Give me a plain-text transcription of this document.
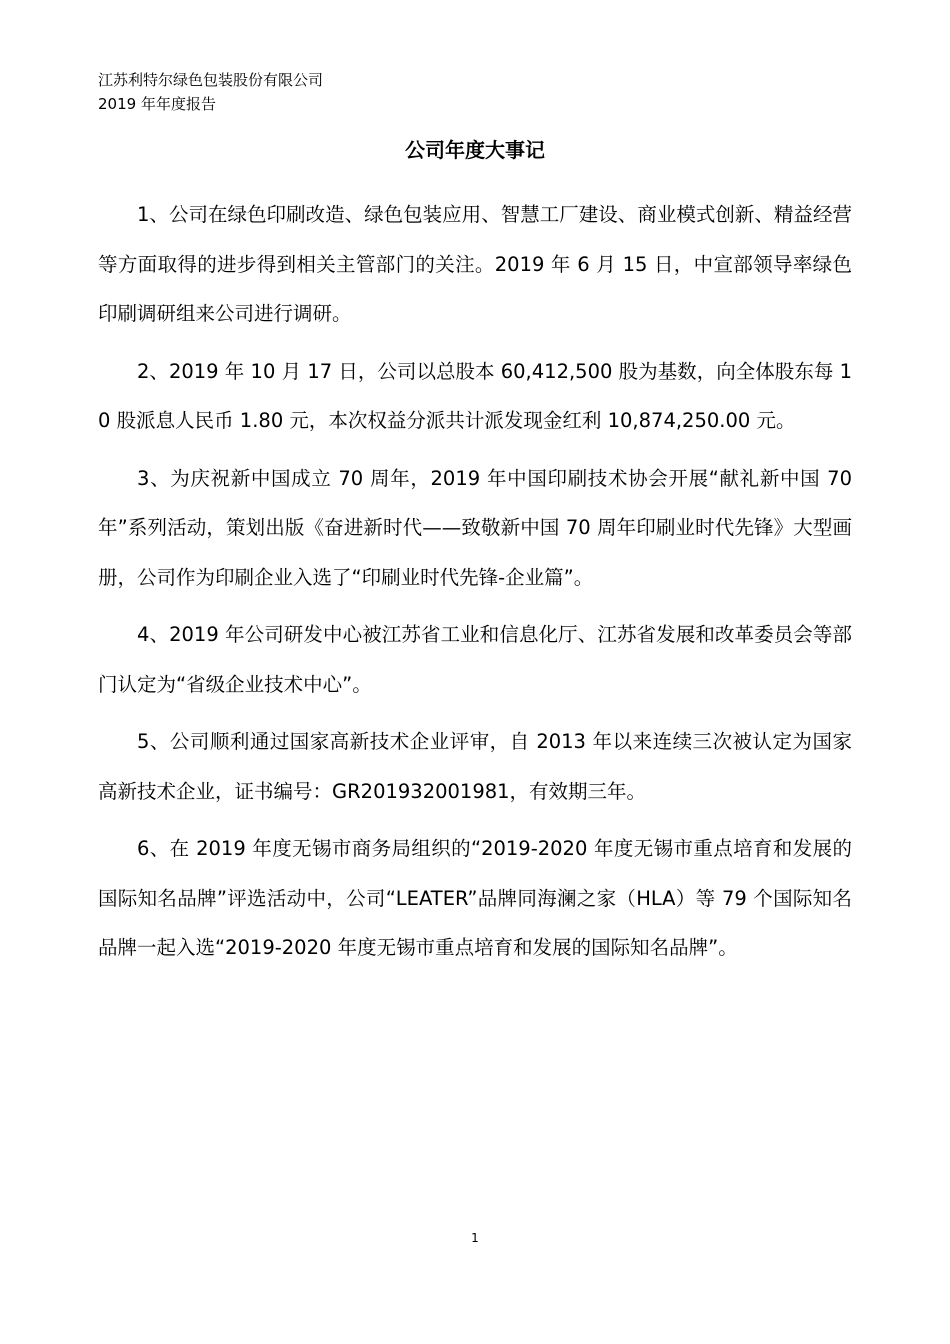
江苏利特尔绿色包装股份有限公司
2019 年年度报告
公司年度大事记

1、公司在绿色印刷改造、绿色包装应用、智慧工厂建设、商业模式创新、精益经营等方面取得的进步得到相关主管部门的关注。2019 年 6 月 15 日，中宣部领导率绿色印刷调研组来公司进行调研。

2、2019 年 10 月 17 日，公司以总股本 60,412,500 股为基数，向全体股东每 10 股派息人民币 1.80 元，本次权益分派共计派发现金红利 10,874,250.00 元。

3、为庆祝新中国成立 70 周年，2019 年中国印刷技术协会开展“献礼新中国 70 年”系列活动，策划出版《奋进新时代——致敬新中国 70 周年印刷业时代先锋》大型画册，公司作为印刷企业入选了“印刷业时代先锋-企业篇”。

4、2019 年公司研发中心被江苏省工业和信息化厅、江苏省发展和改革委员会等部门认定为“省级企业技术中心”。

5、公司顺利通过国家高新技术企业评审，自 2013 年以来连续三次被认定为国家高新技术企业，证书编号：GR201932001981，有效期三年。

6、在 2019 年度无锡市商务局组织的“2019-2020 年度无锡市重点培育和发展的国际知名品牌”评选活动中，公司“LEATER”品牌同海澜之家（HLA）等 79 个国际知名品牌一起入选“2019-2020 年度无锡市重点培育和发展的国际知名品牌”。

1
